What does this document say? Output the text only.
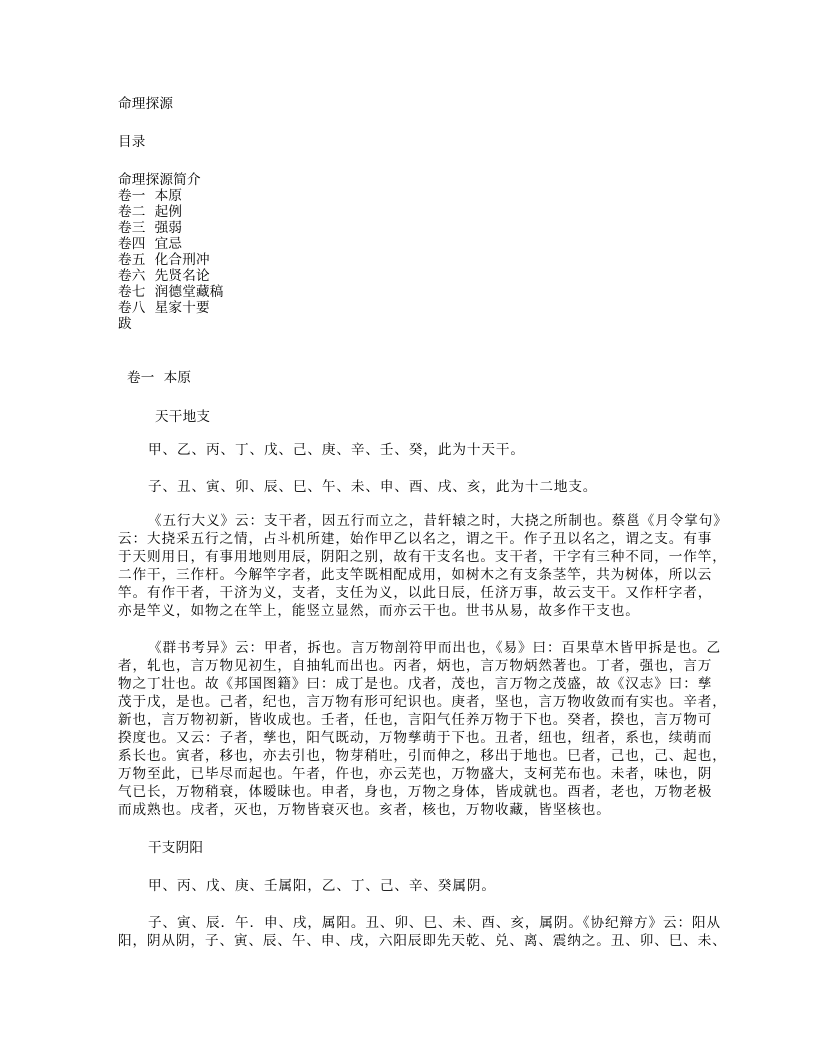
命理探源
目录
命理探源简介
卷一  本原
卷二  起例
卷三  强弱
卷四  宜忌
卷五  化合刑冲
卷六  先贤名论
卷七  润德堂藏稿
卷八  星家十要
跋
卷一  本原
天干地支
甲、乙、丙、丁、戊、己、庚、辛、壬、癸，此为十天干。
子、丑、寅、卯、辰、巳、午、未、申、酉、戌、亥，此为十二地支。
《五行大义》云：支干者，因五行而立之，昔轩辕之时，大挠之所制也。蔡邕《月令掌句》
云：大挠采五行之情，占斗机所建，始作甲乙以名之，谓之干。作子丑以名之，谓之支。有事
于天则用日，有事用地则用辰，阴阳之别，故有干支名也。支干者，干字有三种不同，一作竿，
二作干，三作杆。今解竿字者，此支竿既相配成用，如树木之有支条茎竿，共为树体，所以云
竿。有作干者，干济为义，支者，支任为义，以此日辰，任济万事，故云支干。又作杆字者，
亦是竿义，如物之在竿上，能竖立显然，而亦云干也。世书从易，故多作干支也。
《群书考异》云：甲者，拆也。言万物剖符甲而出也，《易》曰：百果草木皆甲拆是也。乙
者，轧也，言万物见初生，自抽轧而出也。丙者，炳也，言万物炳然著也。丁者，强也，言万
物之丁壮也。故《邦国图籍》曰：成丁是也。戊者，茂也，言万物之茂盛，故《汉志》曰：孳
茂于戊，是也。己者，纪也，言万物有形可纪识也。庚者，坚也，言万物收敛而有实也。辛者，
新也，言万物初新，皆收成也。壬者，任也，言阳气任养万物于下也。癸者，揆也，言万物可
揆度也。又云：子者，孳也，阳气既动，万物孳萌于下也。丑者，纽也，纽者，系也，续萌而
系长也。寅者，移也，亦去引也，物芽稍吐，引而伸之，移出于地也。巳者，己也，己、起也，
万物至此，已毕尽而起也。午者，仵也，亦云芜也，万物盛大，支柯芜布也。未者，味也，阴
气已长，万物稍衰，体暧昧也。申者，身也，万物之身体，皆成就也。酉者，老也，万物老极
而成熟也。戌者，灭也，万物皆衰灭也。亥者，核也，万物收藏，皆坚核也。
干支阴阳
甲、丙、戊、庚、壬属阳，乙、丁、己、辛、癸属阴。
子、寅、辰．午．申、戌，属阳。丑、卯、巳、未、酉、亥，属阴。《协纪辩方》云：阳从
阳，阴从阴，子、寅、辰、午、申、戌，六阳辰即先天乾、兑、离、震纳之。丑、卯、巳、未、
